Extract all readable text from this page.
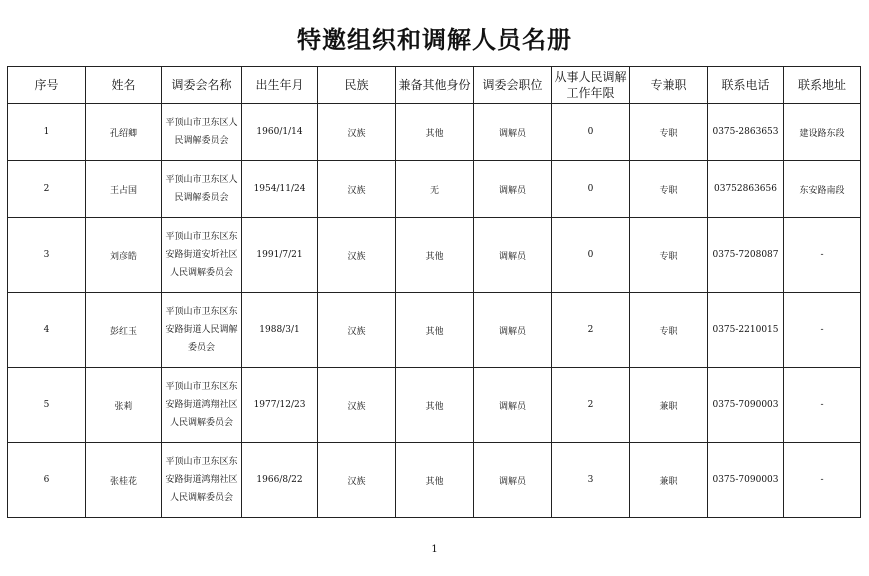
特邀组织和调解人员名册
序号	姓名	调委会名称	出生年月	民族	兼备其他身份	调委会职位	从事人民调解工作年限	专兼职	联系电话	联系地址
1	孔绍卿	平顶山市卫东区人民调解委员会	1960/1/14	汉族	其他	调解员	0	专职	0375-2863653	建设路东段
2	王占国	平顶山市卫东区人民调解委员会	1954/11/24	汉族	无	调解员	0	专职	03752863656	东安路南段
3	刘彦皓	平顶山市卫东区东安路街道安圻社区人民调解委员会	1991/7/21	汉族	其他	调解员	0	专职	0375-7208087	-
4	彭红玉	平顶山市卫东区东安路街道人民调解委员会	1988/3/1	汉族	其他	调解员	2	专职	0375-2210015	-
5	张莉	平顶山市卫东区东安路街道鸿翔社区人民调解委员会	1977/12/23	汉族	其他	调解员	2	兼职	0375-7090003	-
6	张桂花	平顶山市卫东区东安路街道鸿翔社区人民调解委员会	1966/8/22	汉族	其他	调解员	3	兼职	0375-7090003	-
1
